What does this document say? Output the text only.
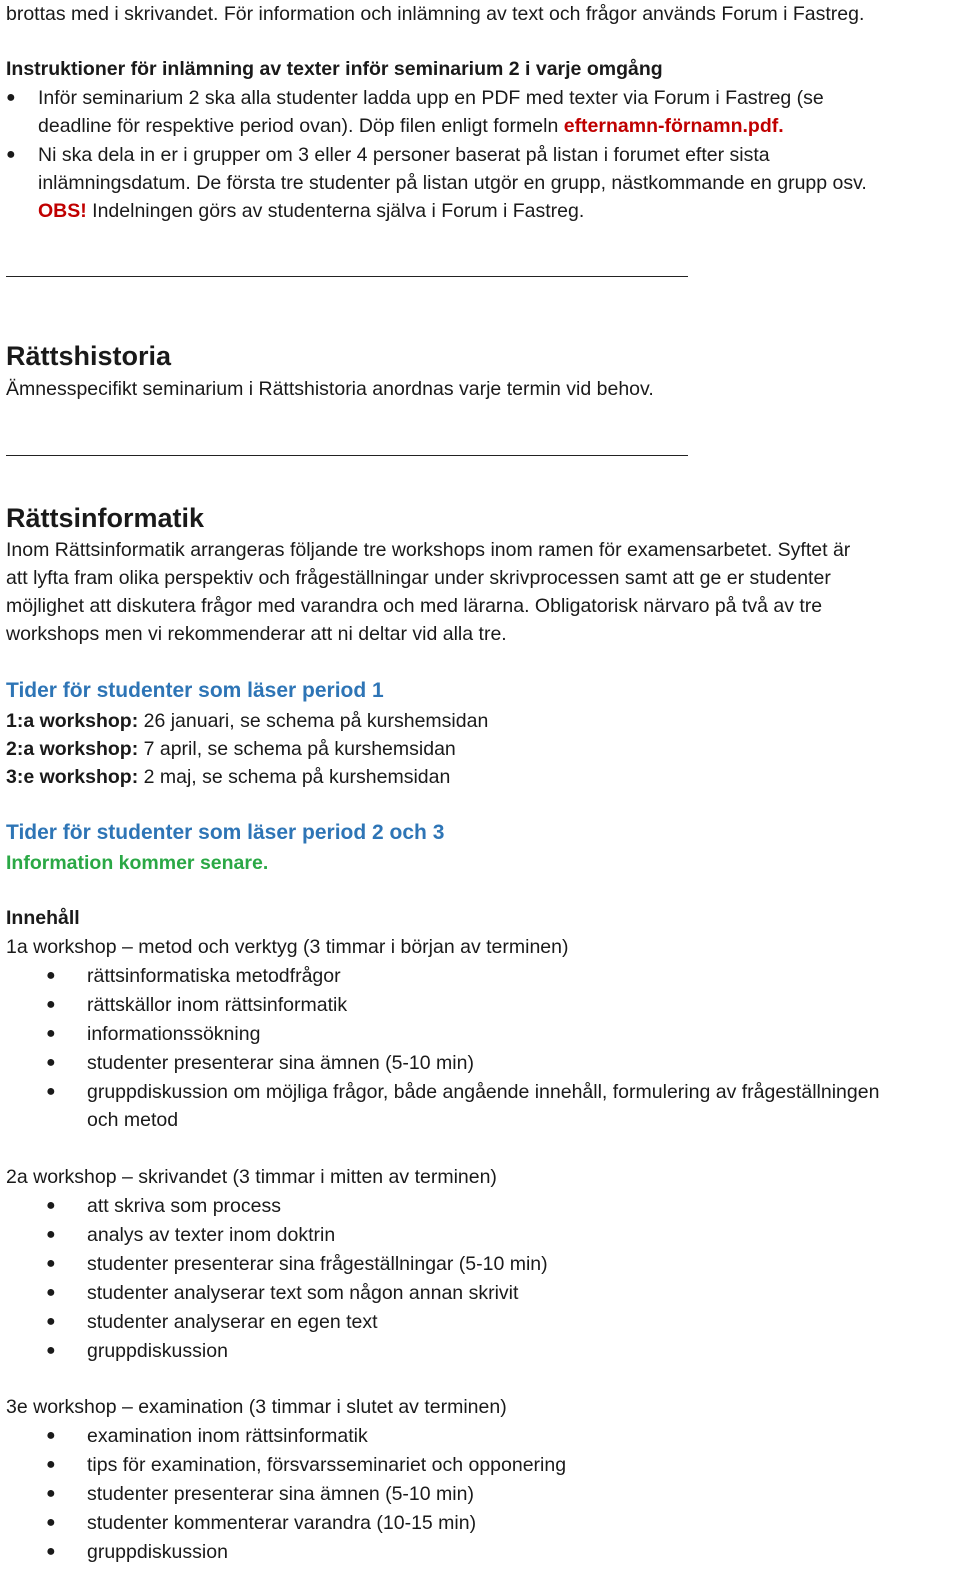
brottas med i skrivandet. För information och inlämning av text och frågor används Forum i Fastreg.
Instruktioner för inlämning av texter inför seminarium 2 i varje omgång
● Inför seminarium 2 ska alla studenter ladda upp en PDF med texter via Forum i Fastreg (se
deadline för respektive period ovan). Döp filen enligt formeln efternamn-förnamn.pdf.
● Ni ska dela in er i grupper om 3 eller 4 personer baserat på listan i forumet efter sista
inlämningsdatum. De första tre studenter på listan utgör en grupp, nästkommande en grupp osv.
OBS! Indelningen görs av studenterna själva i Forum i Fastreg.
Rättshistoria
Ämnesspecifikt seminarium i Rättshistoria anordnas varje termin vid behov.
Rättsinformatik
Inom Rättsinformatik arrangeras följande tre workshops inom ramen för examensarbetet. Syftet är
att lyfta fram olika perspektiv och frågeställningar under skrivprocessen samt att ge er studenter
möjlighet att diskutera frågor med varandra och med lärarna. Obligatorisk närvaro på två av tre
workshops men vi rekommenderar att ni deltar vid alla tre.
Tider för studenter som läser period 1
1:a workshop: 26 januari, se schema på kurshemsidan
2:a workshop: 7 april, se schema på kurshemsidan
3:e workshop: 2 maj, se schema på kurshemsidan
Tider för studenter som läser period 2 och 3
Information kommer senare.
Innehåll
1a workshop – metod och verktyg (3 timmar i början av terminen)
● rättsinformatiska metodfrågor
● rättskällor inom rättsinformatik
● informationssökning
● studenter presenterar sina ämnen (5-10 min)
● gruppdiskussion om möjliga frågor, både angående innehåll, formulering av frågeställningen
och metod
2a workshop – skrivandet (3 timmar i mitten av terminen)
● att skriva som process
● analys av texter inom doktrin
● studenter presenterar sina frågeställningar (5-10 min)
● studenter analyserar text som någon annan skrivit
● studenter analyserar en egen text
● gruppdiskussion
3e workshop – examination (3 timmar i slutet av terminen)
● examination inom rättsinformatik
● tips för examination, försvarsseminariet och opponering
● studenter presenterar sina ämnen (5-10 min)
● studenter kommenterar varandra (10-15 min)
● gruppdiskussion
